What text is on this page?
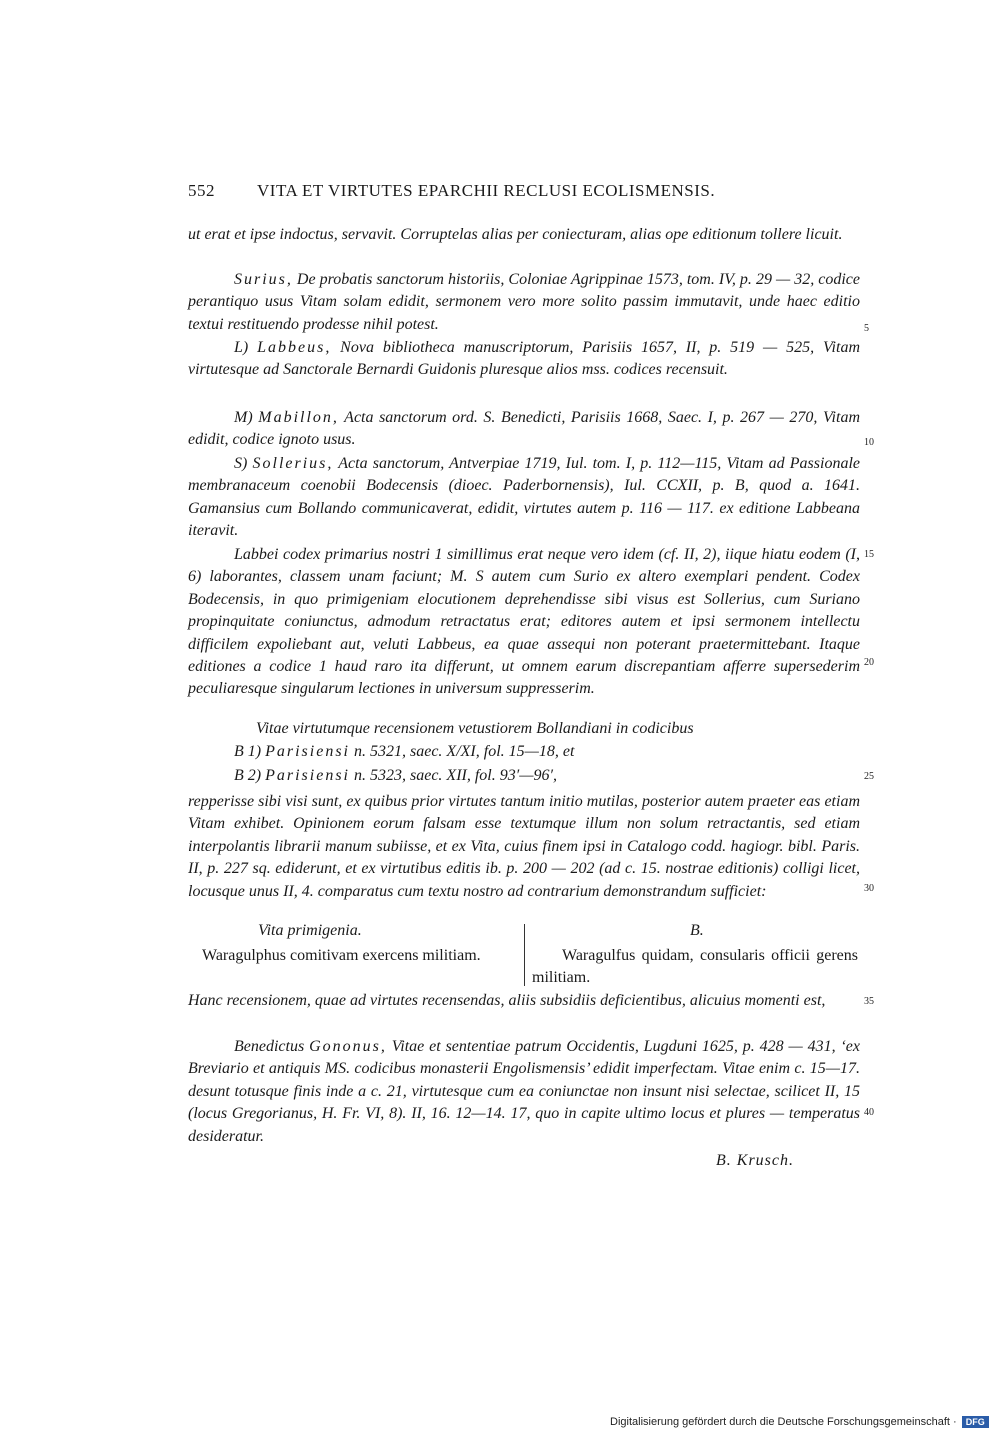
552 VITA ET VIRTUTES EPARCHII RECLUSI ECOLISMENSIS.
ut erat et ipse indoctus, servavit. Corruptelas alias per coniecturam, alias ope editionum tollere licuit.
Surius, De probatis sanctorum historiis, Coloniae Agrippinae 1573, tom. IV, p. 29 — 32, codice perantiquo usus Vitam solam edidit, sermonem vero more solito passim immutavit, unde haec editio textui restituendo prodesse nihil potest.
L) Labbeus, Nova bibliotheca manuscriptorum, Parisiis 1657, II, p. 519 — 525, Vitam virtutesque ad Sanctorale Bernardi Guidonis pluresque alios mss. codices recensuit.
M) Mabillon, Acta sanctorum ord. S. Benedicti, Parisiis 1668, Saec. I, p. 267 — 270, Vitam edidit, codice ignoto usus.
S) Sollerius, Acta sanctorum, Antverpiae 1719, Iul. tom. I, p. 112—115, Vitam ad Passionale membranaceum coenobii Bodecensis (dioec. Paderbornensis), Iul. CCXII, p. B, quod a. 1641. Gamansius cum Bollando communicaverat, edidit, virtutes autem p. 116 — 117. ex editione Labbeana iteravit.
Labbei codex primarius nostri 1 simillimus erat neque vero idem (cf. II, 2), iique hiatu eodem (I, 6) laborantes, classem unam faciunt; M. S autem cum Surio ex altero exemplari pendent. Codex Bodecensis, in quo primigeniam elocutionem deprehendisse sibi visus est Sollerius, cum Suriano propinquitate coniunctus, admodum retractatus erat; editores autem et ipsi sermonem intellectu difficilem expoliebant aut, veluti Labbeus, ea quae assequi non poterant praetermittebant. Itaque editiones a codice 1 haud raro ita differunt, ut omnem earum discrepantiam afferre supersederim peculiaresque singularum lectiones in universum suppresserim.
Vitae virtutumque recensionem vetustiorem Bollandiani in codicibus
B 1) Parisiensi n. 5321, saec. X/XI, fol. 15—18, et
B 2) Parisiensi n. 5323, saec. XII, fol. 93′—96′,
repperisse sibi visi sunt, ex quibus prior virtutes tantum initio mutilas, posterior autem praeter eas etiam Vitam exhibet. Opinionem eorum falsam esse textumque illum non solum retractantis, sed etiam interpolantis librarii manum subiisse, et ex Vita, cuius finem ipsi in Catalogo codd. hagiogr. bibl. Paris. II, p. 227 sq. ediderunt, et ex virtutibus editis ib. p. 200 — 202 (ad c. 15. nostrae editionis) colligi licet, locusque unus II, 4. comparatus cum textu nostro ad contrarium demonstrandum sufficiet:
Vita primigenia.
Waragulphus comitivam exercens militiam.
B.
Waragulfus quidam, consularis officii gerens militiam.
Hanc recensionem, quae ad virtutes recensendas, aliis subsidiis deficientibus, alicuius momenti est,
Benedictus Gononus, Vitae et sententiae patrum Occidentis, Lugduni 1625, p. 428 — 431, ‘ex Breviario et antiquis MS. codicibus monasterii Engolismensis’ edidit imperfectam. Vitae enim c. 15—17. desunt totusque finis inde a c. 21, virtutesque cum ea coniunctae non insunt nisi selectae, scilicet II, 15 (locus Gregorianus, H. Fr. VI, 8). II, 16. 12—14. 17, quo in capite ultimo locus et plures — temperatus desideratur.
B. Krusch.
5
10
15
20
25
30
35
40
Digitalisierung gefördert durch die Deutsche Forschungsgemeinschaft · DFG
